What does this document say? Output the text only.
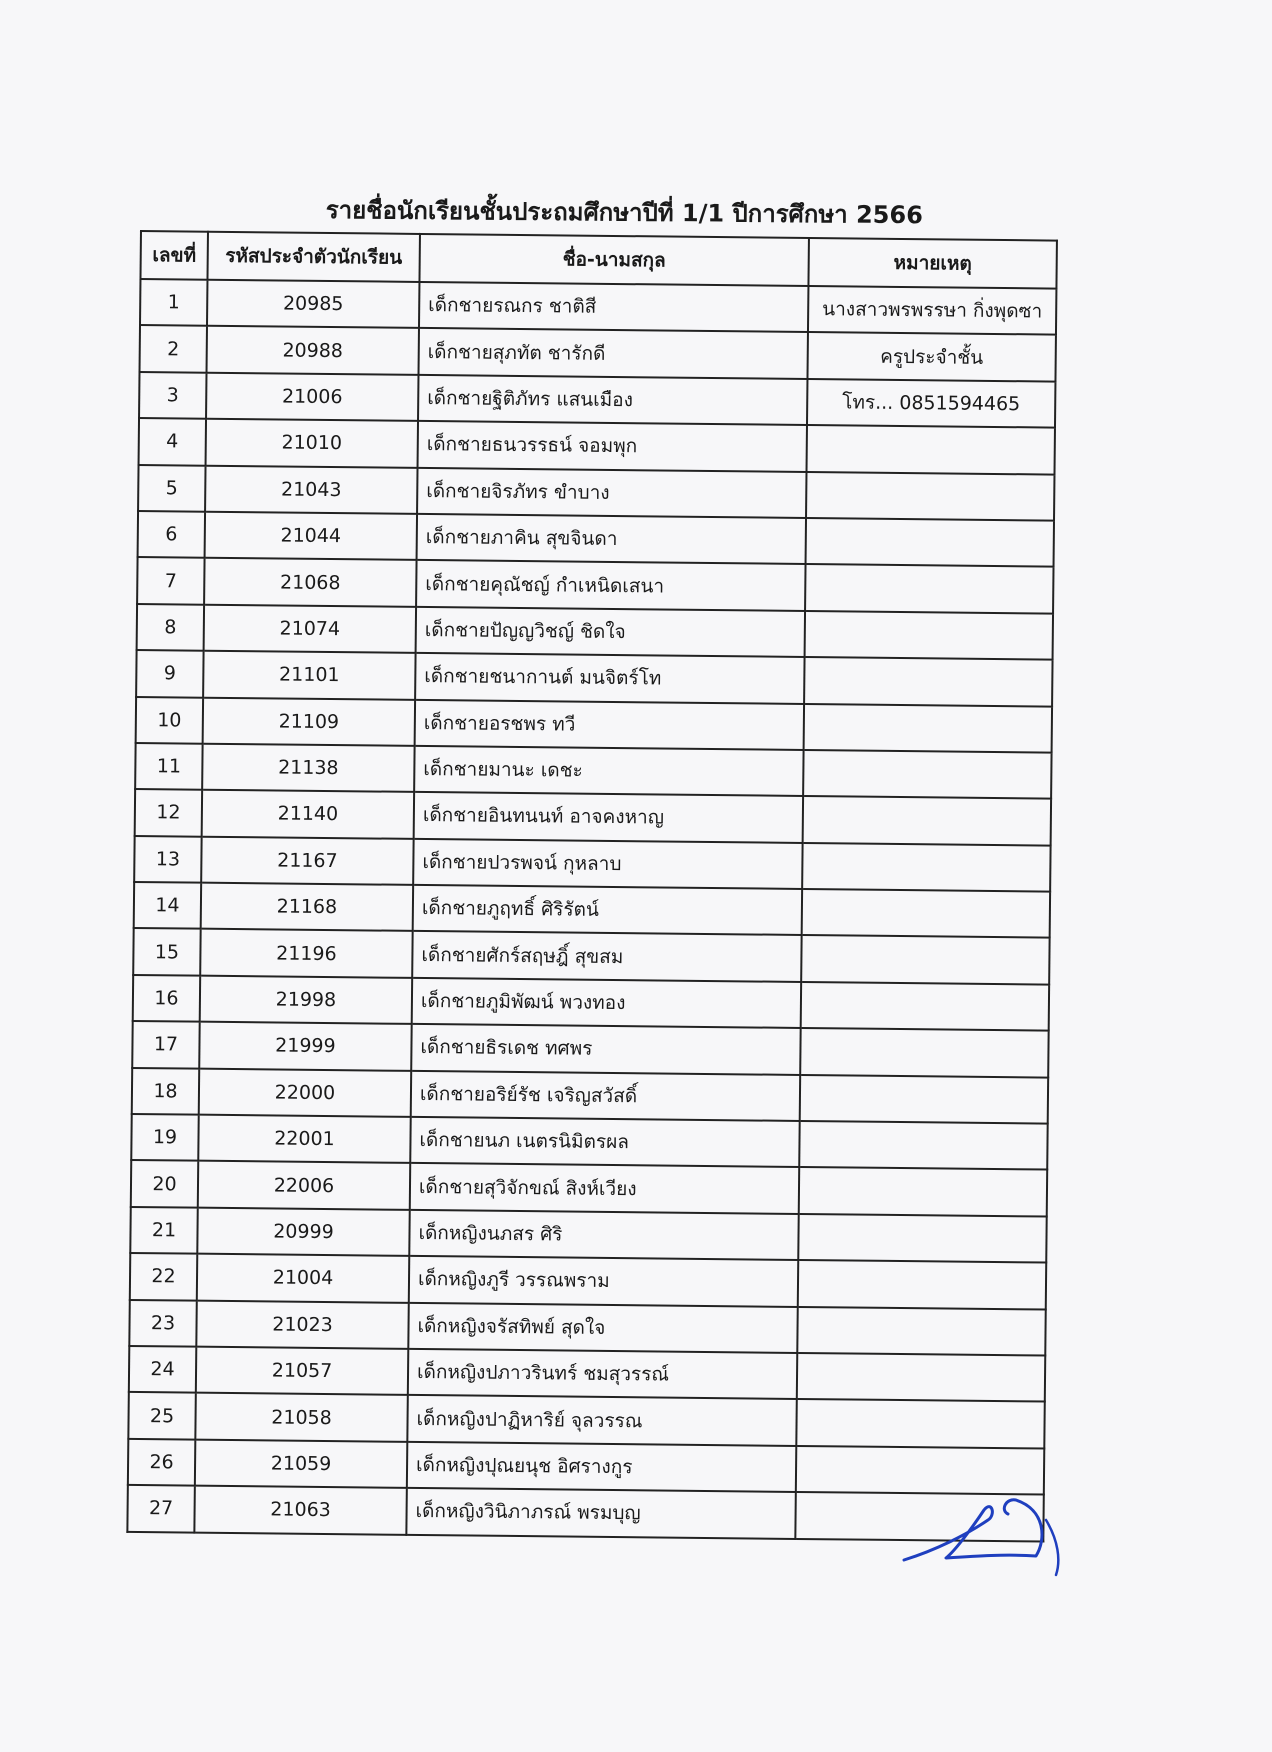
รายชื่อนักเรียนชั้นประถมศึกษาปีที่ 1/1 ปีการศึกษา 2566
เลขที่	รหัสประจำตัวนักเรียน	ชื่อ-นามสกุล	หมายเหตุ
1	20985	เด็กชายรณกร ชาติสี	นางสาวพรพรรษา กิ่งพุดซา
2	20988	เด็กชายสุภทัต ชารักดี	ครูประจำชั้น
3	21006	เด็กชายฐิติภัทร แสนเมือง	โทร... 0851594465
4	21010	เด็กชายธนวรรธน์ จอมพุก	
5	21043	เด็กชายจิรภัทร ขำบาง	
6	21044	เด็กชายภาคิน สุขจินดา	
7	21068	เด็กชายคุณัชญ์ กำเหนิดเสนา	
8	21074	เด็กชายปัญญวิชญ์ ชิดใจ	
9	21101	เด็กชายชนากานต์ มนจิตร์โท	
10	21109	เด็กชายอรชพร ทวี	
11	21138	เด็กชายมานะ เดชะ	
12	21140	เด็กชายอินทนนท์ อาจคงหาญ	
13	21167	เด็กชายปวรพจน์ กุหลาบ	
14	21168	เด็กชายภูฤทธิ์ ศิริรัตน์	
15	21196	เด็กชายศักร์สฤษฎิ์ สุขสม	
16	21998	เด็กชายภูมิพัฒน์ พวงทอง	
17	21999	เด็กชายธิรเดช ทศพร	
18	22000	เด็กชายอริย์รัช เจริญสวัสดิ์	
19	22001	เด็กชายนภ เนตรนิมิตรผล	
20	22006	เด็กชายสุวิจักขณ์ สิงห์เวียง	
21	20999	เด็กหญิงนภสร ศิริ	
22	21004	เด็กหญิงภูรี วรรณพราม	
23	21023	เด็กหญิงจรัสทิพย์ สุดใจ	
24	21057	เด็กหญิงปภาวรินทร์ ชมสุวรรณ์	
25	21058	เด็กหญิงปาฏิหาริย์ จุลวรรณ	
26	21059	เด็กหญิงปุณยนุช อิศรางกูร	
27	21063	เด็กหญิงวินิภาภรณ์ พรมบุญ	
